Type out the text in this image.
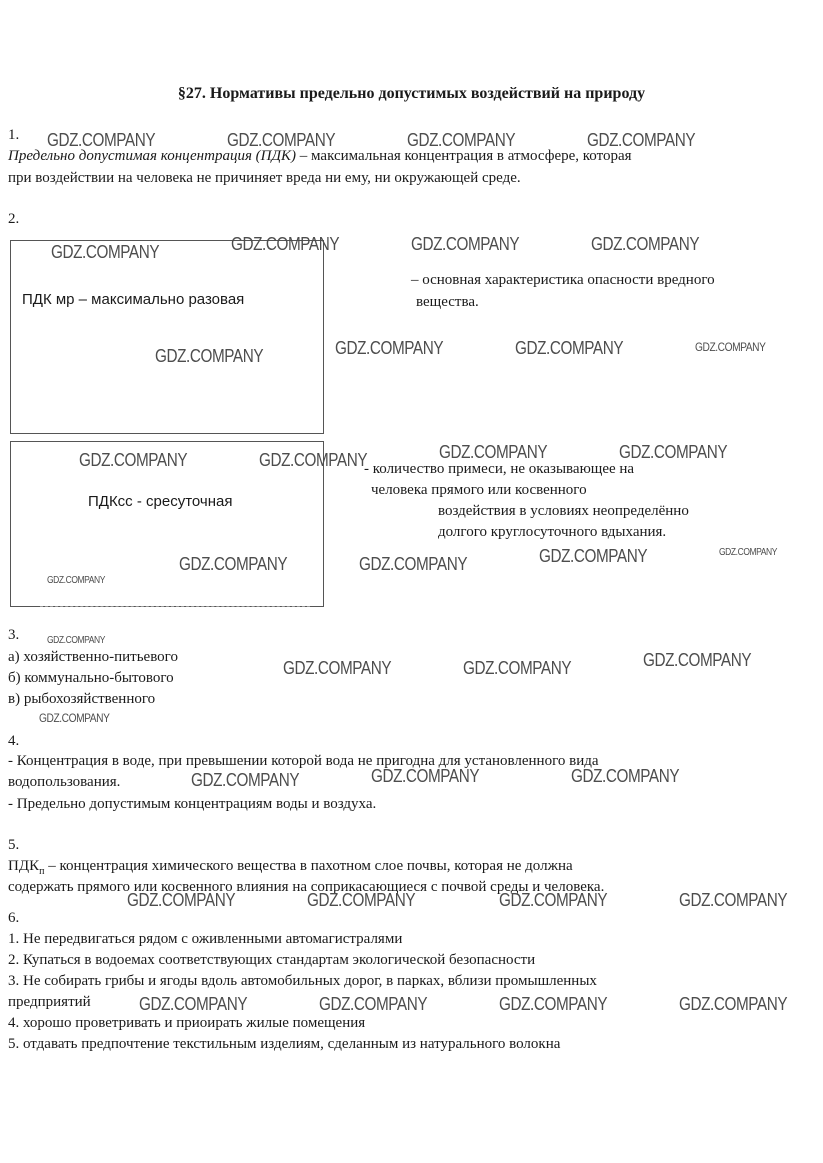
§27. Нормативы предельно допустимых воздействий на природу
1.
Предельно допустимая концентрация (ПДК) – максимальная концентрация в атмосфере, которая
при воздействии на человека не причиняет вреда ни ему, ни окружающей среде.
2.
ПДК мр – максимально разовая
– основная характеристика опасности вредного
вещества.
ПДКсс - сресуточная
- количество примеси, не оказывающее на
человека прямого или косвенного
воздействия в условиях неопределённо
долгого круглосуточного вдыхания.
3.
а) хозяйственно-питьевого
б) коммунально-бытового
в) рыбохозяйственного
4.
- Концентрация в воде, при превышении которой вода не пригодна для установленного вида
водопользования.
- Предельно допустимым концентрациям воды и воздуха.
5.
$ПДК_п$ – концентрация химического вещества в пахотном слое почвы, которая не должна
содержать прямого или косвенного влияния на соприкасающиеся с почвой среды и человека.
6.
1. Не передвигаться рядом с оживленными автомагистралями
2. Купаться в водоемах соответствующих стандартам экологической безопасности
3. Не собирать грибы и ягоды вдоль автомобильных дорог, в парках, вблизи промышленных
предприятий
4. хорошо проветривать и приоирать жилые помещения
5. отдавать предпочтение текстильным изделиям, сделанным из натурального волокна
GDZ.COMPANY	GDZ.COMPANY	GDZ.COMPANY	GDZ.COMPANY
GDZ.COMPANY	GDZ.COMPANY	GDZ.COMPANY	GDZ.COMPANY
GDZ.COMPANY	GDZ.COMPANY	GDZ.COMPANY	GDZ.COMPANY
GDZ.COMPANY	GDZ.COMPANY
GDZ.COMPANY	GDZ.COMPANY
GDZ.COMPANY	GDZ.COMPANY
GDZ.COMPANY	GDZ.COMPANY
GDZ.COMPANY
GDZ.COMPANY
GDZ.COMPANY
GDZ.COMPANY	GDZ.COMPANY
GDZ.COMPANY
GDZ.COMPANY	GDZ.COMPANY
GDZ.COMPANY
GDZ.COMPANY	GDZ.COMPANY	GDZ.COMPANY	GDZ.COMPANY
GDZ.COMPANY	GDZ.COMPANY	GDZ.COMPANY	GDZ.COMPANY
